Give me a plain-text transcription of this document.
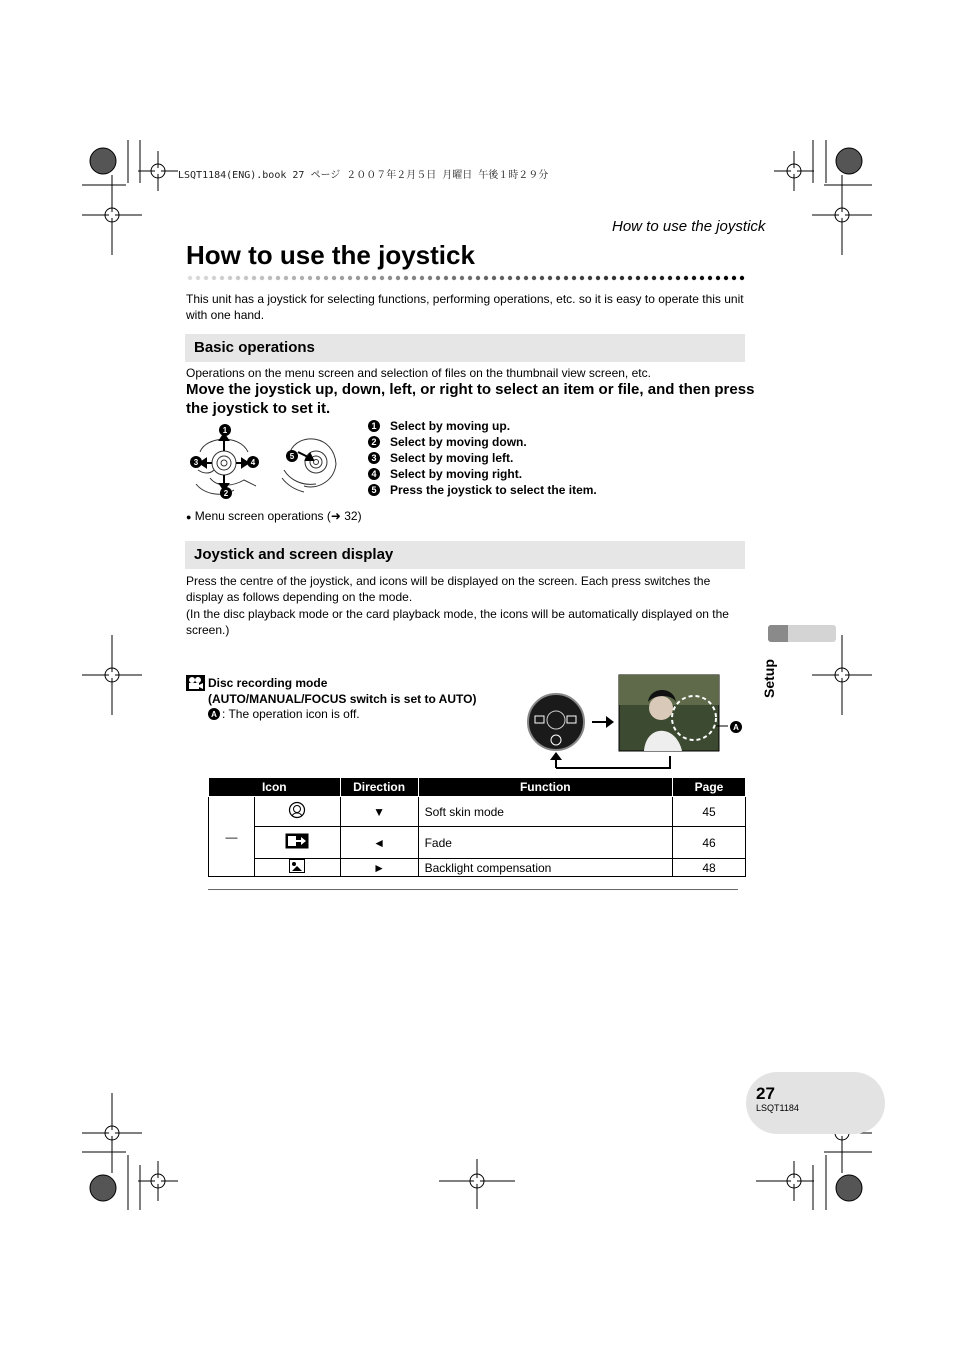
LSQT1184(ENG).book 27 ページ ２００７年２月５日 月曜日 午後１時２９分
How to use the joystick
How to use the joystick

This unit has a joystick for selecting functions, performing operations, etc. so it is easy to operate this unit with one hand.

Basic operations

Operations on the menu screen and selection of files on the thumbnail view screen, etc.

Move the joystick up, down, left, or right to select an item or file, and then press the joystick to set it.

1
2
3	4
5
1 Select by moving up.
2 Select by moving down.
3 Select by moving left.
4 Select by moving right.
5 Press the joystick to select the item.

● Menu screen operations (➜ 32)

Joystick and screen display

Press the centre of the joystick, and icons will be displayed on the screen. Each press switches the display as follows depending on the mode.

(In the disc playback mode or the card playback mode, the icons will be automatically displayed on the screen.)

Setup

Disc recording mode
(AUTO/MANUAL/FOCUS switch is set to AUTO)

A : The operation icon is off.
A
Icon		Direction	Function	Page
—		▼	Soft skin mode	45
	◄	Fade	46
	►	Backlight compensation	48
27
LSQT1184
